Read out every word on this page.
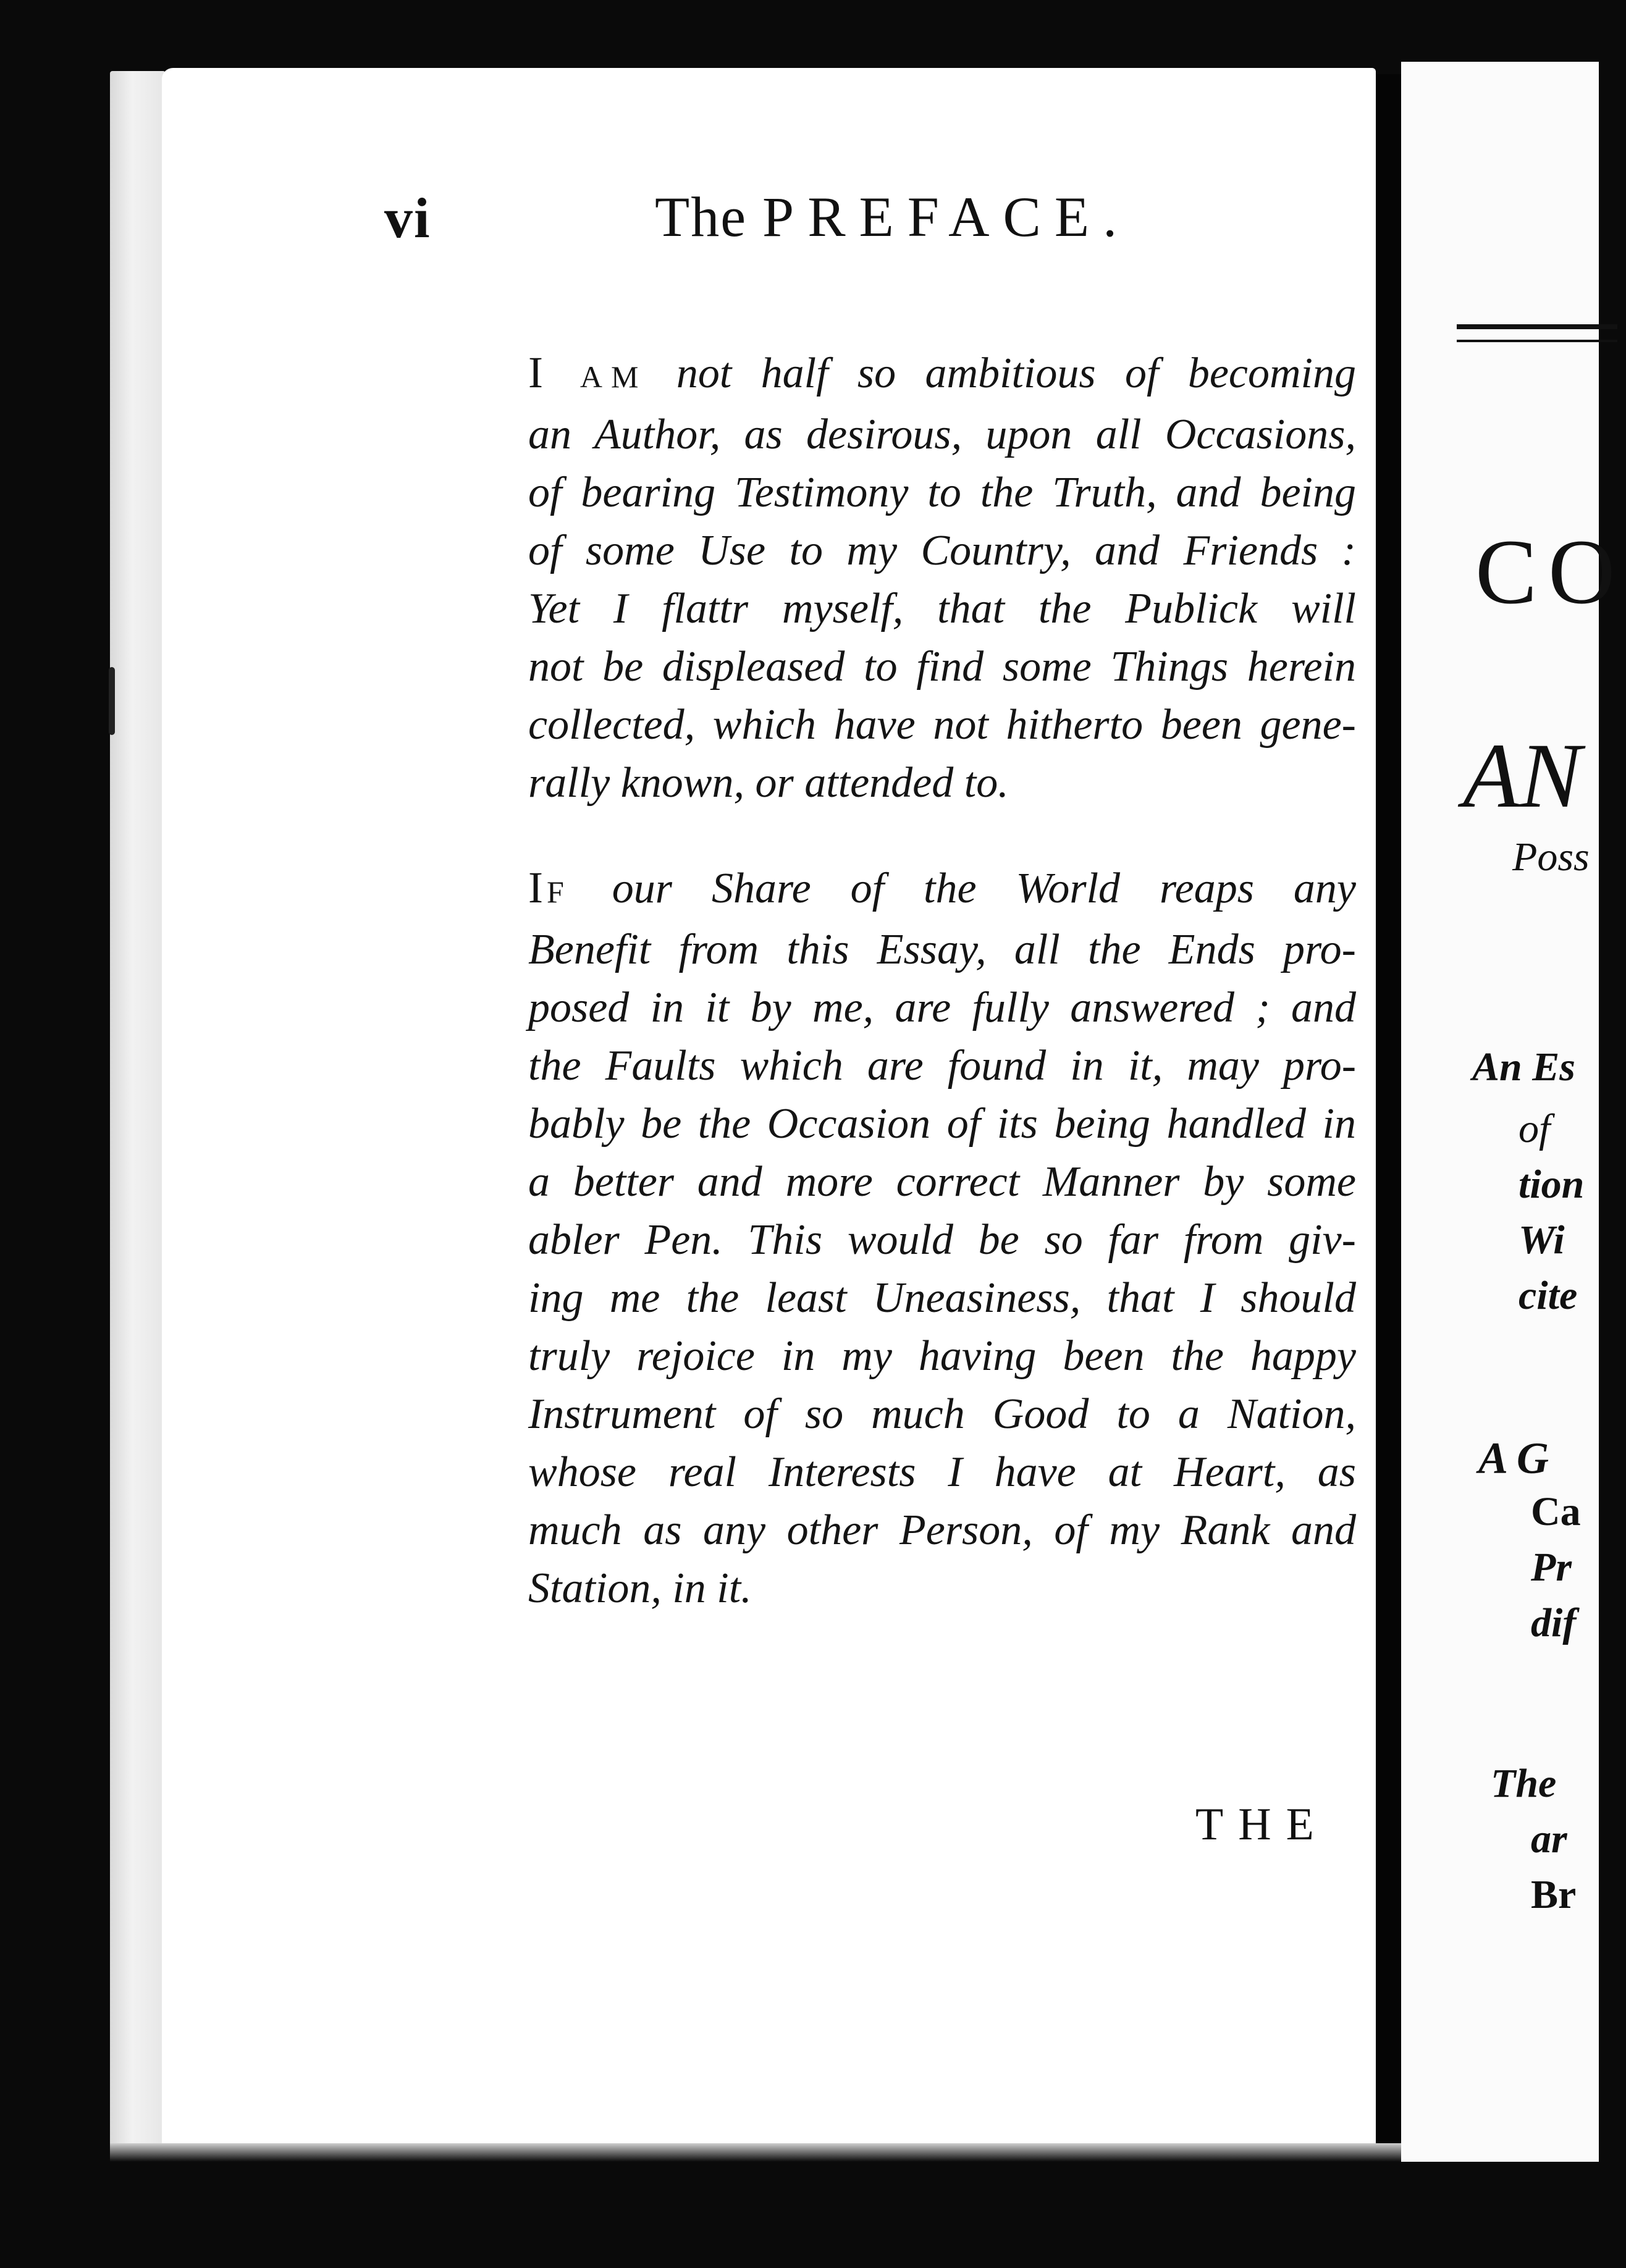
vi	The PREFACE.
I AM not half so ambitious of becoming
an Author, as desirous, upon all Occasions,
of bearing Testimony to the Truth, and being
of some Use to my Country, and Friends :
Yet I flattr myself, that the Publick will
not be displeased to find some Things herein
collected, which have not hitherto been gene-
rally known, or attended to.
IF our Share of the World reaps any
Benefit from this Essay, all the Ends pro-
posed in it by me, are fully answered ; and
the Faults which are found in it, may pro-
bably be the Occasion of its being handled in
a better and more correct Manner by some
abler Pen. This would be so far from giv-
ing me the least Uneasiness, that I should
truly rejoice in my having been the happy
Instrument of so much Good to a Nation,
whose real Interests I have at Heart, as
much as any other Person, of my Rank and
Station, in it.
THE
CO
AN
Poss
An Es
of
tion
Wi
cite
A G
Ca
Pr
dif
The
ar
Br
